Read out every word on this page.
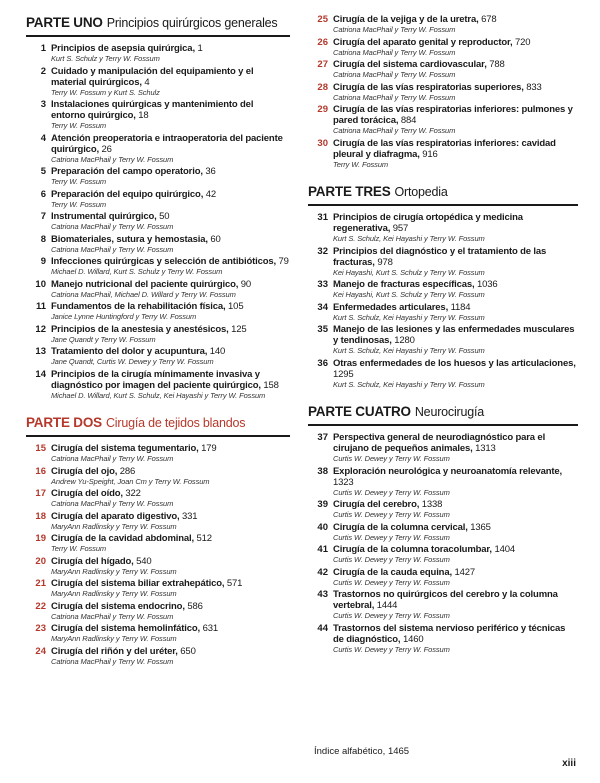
PARTE UNO Principios quirúrgicos generales
1 Principios de asepsia quirúrgica, 1
Kurt S. Schulz y Terry W. Fossum
2 Cuidado y manipulación del equipamiento y el material quirúrgicos, 4
Terry W. Fossum y Kurt S. Schulz
3 Instalaciones quirúrgicas y mantenimiento del entorno quirúrgico, 18
Terry W. Fossum
4 Atención preoperatoria e intraoperatoria del paciente quirúrgico, 26
Catriona MacPhail y Terry W. Fossum
5 Preparación del campo operatorio, 36
Terry W. Fossum
6 Preparación del equipo quirúrgico, 42
Terry W. Fossum
7 Instrumental quirúrgico, 50
Catriona MacPhail y Terry W. Fossum
8 Biomateriales, sutura y hemostasia, 60
Catriona MacPhail y Terry W. Fossum
9 Infecciones quirúrgicas y selección de antibióticos, 79
Michael D. Willard, Kurt S. Schulz y Terry W. Fossum
10 Manejo nutricional del paciente quirúrgico, 90
Catriona MacPhail, Michael D. Willard y Terry W. Fossum
11 Fundamentos de la rehabilitación física, 105
Janice Lynne Huntingford y Terry W. Fossum
12 Principios de la anestesia y anestésicos, 125
Jane Quandt y Terry W. Fossum
13 Tratamiento del dolor y acupuntura, 140
Jane Quandt, Curtis W. Dewey y Terry W. Fossum
14 Principios de la cirugía mínimamente invasiva y diagnóstico por imagen del paciente quirúrgico, 158
Michael D. Willard, Kurt S. Schulz, Kei Hayashi y Terry W. Fossum
PARTE DOS Cirugía de tejidos blandos
15 Cirugía del sistema tegumentario, 179
Catriona MacPhail y Terry W. Fossum
16 Cirugía del ojo, 286
Andrew Yu-Speight, Joan Cm y Terry W. Fossum
17 Cirugía del oído, 322
Catriona MacPhail y Terry W. Fossum
18 Cirugía del aparato digestivo, 331
MaryAnn Radlinsky y Terry W. Fossum
19 Cirugía de la cavidad abdominal, 512
Terry W. Fossum
20 Cirugía del hígado, 540
MaryAnn Radlinsky y Terry W. Fossum
21 Cirugía del sistema biliar extrahepático, 571
MaryAnn Radlinsky y Terry W. Fossum
22 Cirugía del sistema endocrino, 586
Catriona MacPhail y Terry W. Fossum
23 Cirugía del sistema hemolinfático, 631
MaryAnn Radlinsky y Terry W. Fossum
24 Cirugía del riñón y del uréter, 650
Catriona MacPhail y Terry W. Fossum
25 Cirugía de la vejiga y de la uretra, 678
Catriona MacPhail y Terry W. Fossum
26 Cirugía del aparato genital y reproductor, 720
Catriona MacPhail y Terry W. Fossum
27 Cirugía del sistema cardiovascular, 788
Catriona MacPhail y Terry W. Fossum
28 Cirugía de las vías respiratorias superiores, 833
Catriona MacPhail y Terry W. Fossum
29 Cirugía de las vías respiratorias inferiores: pulmones y pared torácica, 884
Catriona MacPhail y Terry W. Fossum
30 Cirugía de las vías respiratorias inferiores: cavidad pleural y diafragma, 916
Terry W. Fossum
PARTE TRES Ortopedia
31 Principios de cirugía ortopédica y medicina regenerativa, 957
Kurt S. Schulz, Kei Hayashi y Terry W. Fossum
32 Principios del diagnóstico y el tratamiento de las fracturas, 978
Kei Hayashi, Kurt S. Schulz y Terry W. Fossum
33 Manejo de fracturas específicas, 1036
Kei Hayashi, Kurt S. Schulz y Terry W. Fossum
34 Enfermedades articulares, 1184
Kurt S. Schulz, Kei Hayashi y Terry W. Fossum
35 Manejo de las lesiones y las enfermedades musculares y tendinosas, 1280
Kurt S. Schulz, Kei Hayashi y Terry W. Fossum
36 Otras enfermedades de los huesos y las articulaciones, 1295
Kurt S. Schulz, Kei Hayashi y Terry W. Fossum
PARTE CUATRO Neurocirugía
37 Perspectiva general de neurodiagnóstico para el cirujano de pequeños animales, 1313
Curtis W. Dewey y Terry W. Fossum
38 Exploración neurológica y neuroanatomía relevante, 1323
Curtis W. Dewey y Terry W. Fossum
39 Cirugía del cerebro, 1338
Curtis W. Dewey y Terry W. Fossum
40 Cirugía de la columna cervical, 1365
Curtis W. Dewey y Terry W. Fossum
41 Cirugía de la columna toracolumbar, 1404
Curtis W. Dewey y Terry W. Fossum
42 Cirugía de la cauda equina, 1427
Curtis W. Dewey y Terry W. Fossum
43 Trastornos no quirúrgicos del cerebro y la columna vertebral, 1444
Curtis W. Dewey y Terry W. Fossum
44 Trastornos del sistema nervioso periférico y técnicas de diagnóstico, 1460
Curtis W. Dewey y Terry W. Fossum
Índice alfabético, 1465
xiii
